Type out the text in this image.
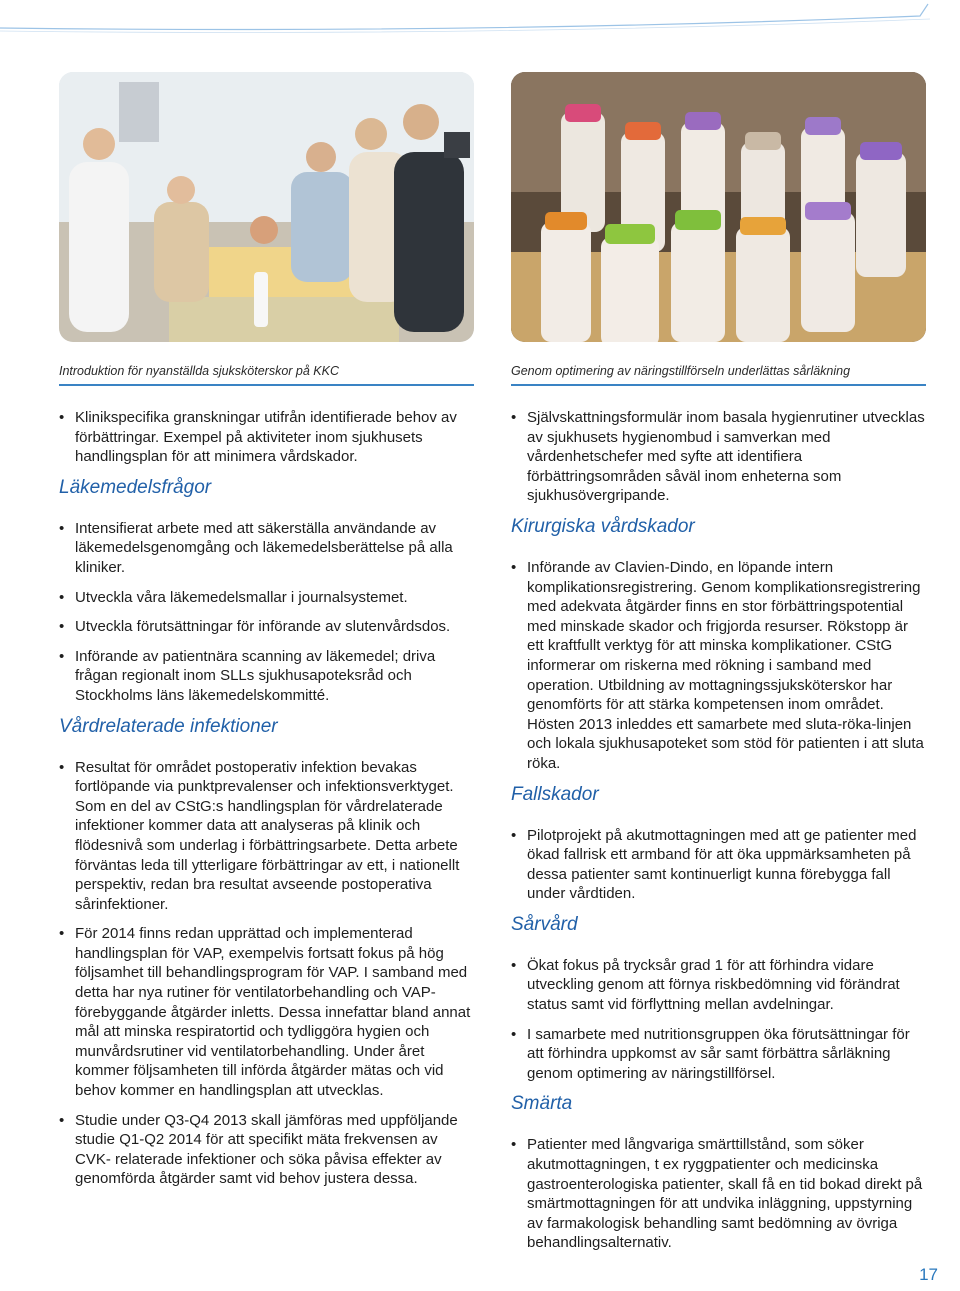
Introduktion för nyanställda sjuksköterskor på KKC
• Klinikspecifika granskningar utifrån identifierade behov av förbättringar. Exempel på aktiviteter inom sjukhusets handlingsplan för att minimera vårdskador.
Läkemedelsfrågor
• Intensifierat arbete med att säkerställa användande av läkemedelsgenomgång och läkemedelsberättelse på alla kliniker.
• Utveckla våra läkemedelsmallar i journalsystemet.
• Utveckla förutsättningar för införande av slutenvårdsdos.
• Införande av patientnära scanning av läkemedel; driva frågan regionalt inom SLLs sjukhusapoteksråd och Stockholms läns läkemedelskommitté.
Vårdrelaterade infektioner
• Resultat för området postoperativ infektion bevakas fortlöpande via punktprevalenser och infektionsverktyget. Som en del av CStG:s handlingsplan för vårdrelaterade infektioner kommer data att analyseras på klinik och flödesnivå som underlag i förbättringsarbete. Detta arbete förväntas leda till ytterligare förbättringar av ett, i nationellt perspektiv, redan bra resultat avseende postoperativa sårinfektioner.
• För 2014 finns redan upprättad och implementerad handlingsplan för VAP, exempelvis fortsatt fokus på hög följsamhet till behandlingsprogram för VAP. I samband med detta har nya rutiner för ventilatorbehandling och VAP-förebyggande åtgärder inletts. Dessa innefattar bland annat mål att minska respiratortid och tydliggöra hygien och munvårdsrutiner vid ventilatorbehandling. Under året kommer följsamheten till införda åtgärder mätas och vid behov kommer en handlingsplan att utvecklas.
• Studie under Q3-Q4 2013 skall jämföras med uppföljande studie Q1-Q2 2014 för att specifikt mäta frekvensen av CVK- relaterade infektioner och söka påvisa effekter av genomförda åtgärder samt vid behov justera dessa.
Genom optimering av näringstillförseln underlättas sårläkning
• Självskattningsformulär inom basala hygienrutiner utvecklas av sjukhusets hygienombud i samverkan med vårdenhetschefer med syfte att identifiera förbättringsområden såväl inom enheterna som sjukhusövergripande.
Kirurgiska vårdskador
• Införande av Clavien-Dindo, en löpande intern komplikationsregistrering. Genom komplikationsregistrering med adekvata åtgärder finns en stor förbättringspotential med minskade skador och frigjorda resurser. Rökstopp är ett kraftfullt verktyg för att minska komplikationer. CStG informerar om riskerna med rökning i samband med operation. Utbildning av mottagningssjuksköterskor har genomförts för att stärka kompetensen inom området. Hösten 2013 inleddes ett samarbete med sluta-röka-linjen och lokala sjukhusapoteket som stöd för patienten i att sluta röka.
Fallskador
• Pilotprojekt på akutmottagningen med att ge patienter med ökad fallrisk ett armband för att öka uppmärksamheten på dessa patienter samt kontinuerligt kunna förebygga fall under vårdtiden.
Sårvård
• Ökat fokus på trycksår grad 1 för att förhindra vidare utveckling genom att förnya riskbedömning vid förändrat status samt vid förflyttning mellan avdelningar.
• I samarbete med nutritionsgruppen öka förutsättningar för att förhindra uppkomst av sår samt förbättra sårläkning genom optimering av näringstillförsel.
Smärta
• Patienter med långvariga smärttillstånd, som söker akutmottagningen, t ex ryggpatienter och medicinska gastroenterologiska patienter, skall få en tid bokad direkt på smärtmottagningen för att undvika inläggning, uppstyrning av farmakologisk behandling samt bedömning av övriga behandlingsalternativ.
17
